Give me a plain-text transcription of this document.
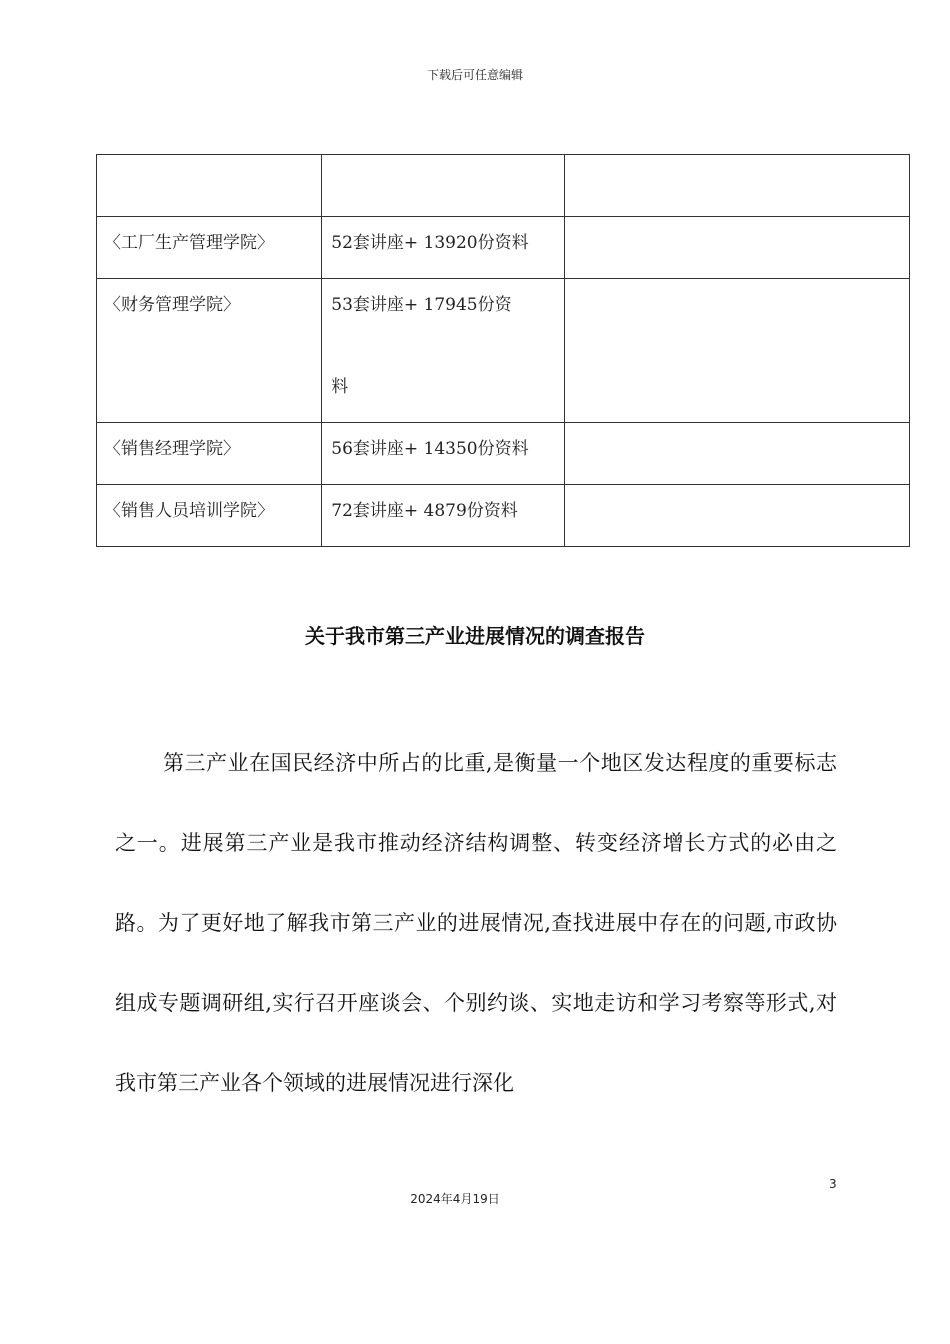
下载后可任意编辑

〈工厂生产管理学院〉	52套讲座+ 13920份资料	

〈财务管理学院〉	53套讲座+ 17945份资
料	

〈销售经理学院〉	56套讲座+ 14350份资料	

〈销售人员培训学院〉	72套讲座+ 4879份资料	

关于我市第三产业进展情况的调查报告

第三产业在国民经济中所占的比重,是衡量一个地区发达程度的重要标志之一。进展第三产业是我市推动经济结构调整、转变经济增长方式的必由之路。为了更好地了解我市第三产业的进展情况,查找进展中存在的问题,市政协组成专题调研组,实行召开座谈会、个别约谈、实地走访和学习考察等形式,对我市第三产业各个领域的进展情况进行深化

3
2024年4月19日
